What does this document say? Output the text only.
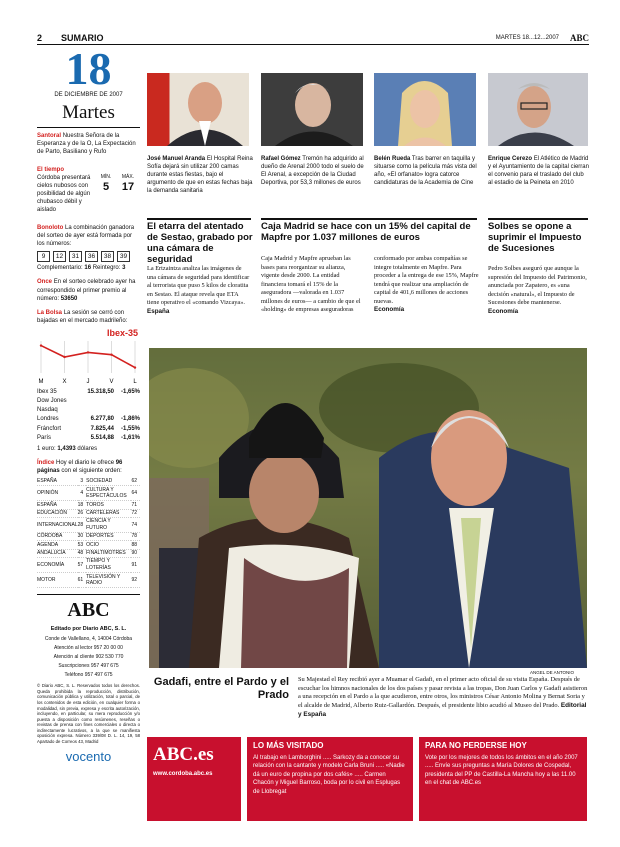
2 SUMARIO	MARTES 18...12...2007 ABC
18
DE DICIEMBRE DE 2007
Martes
Santoral Nuestra Señora de la Esperanza y de la O, La Expectación de Parto, Basiliano y Rufo
El tiempo
Córdoba presentará cielos nubosos con posibilidad de algún chubasco débil y aislado
MÍN.
5
MÁX.
17
Bonoloto La combinación ganadora del sorteo de ayer está formada por los números:
9	12	31	36	38	39
Complementario: 16 Reintegro: 3
Once En el sorteo celebrado ayer ha correspondido el primer premio al número: 53650
La Bolsa La sesión se cerró con bajadas en el mercado madrileño:
Ibex-35
M	X	J	V	L
Ibex 35	15.318,50	-1,65%
Dow Jones		
Nasdaq		
Londres	6.277,80	-1,86%
Fráncfort	7.825,44	-1,55%
París	5.514,88	-1,61%
1 euro: 1,4393 dólares
Índice Hoy el diario le ofrece 96 páginas con el siguiente orden:
ESPAÑA	3	SOCIEDAD	62
OPINIÓN	4	CULTURA Y ESPECTÁCULOS	64
ESPAÑA	18	TOROS	71
EDUCACIÓN	26	CARTELERAS	72
INTERNACIONAL	28	CIENCIA Y FUTURO	74
CÓRDOBA	30	DEPORTES	78
AGENDA	53	OCIO	88
ANDALUCÍA	48	FINALTIMOTRES	90
ECONOMÍA	57	TIEMPO Y LOTERÍAS	91
MOTOR	61	TELEVISIÓN Y RADIO	92
ABC
Editado por Diario ABC, S. L.
Conde de Vallellano, 4, 14004 Córdoba
Atención al lector 957 20 00 00
Atención al cliente 902 530 770
Suscripciones 957 497 675
Teléfono 957 497 675
© Diario ABC, S. L. Reservados todos los derechos. Queda prohibida la reproducción, distribución, comunicación pública y utilización, total o parcial, de los contenidos de esta edición, en cualquier forma o modalidad, sin previa, expresa y escrita autorización, incluyendo, en particular, su mera reproducción y/o puesta a disposición como resúmenes, reseñas o revistas de prensa con fines comerciales o directa o indirectamente lucrativos, a la que se manifiesta oposición expresa. Número 339/08 D. L. 14, 19, 58 Apartado de Correos 43, Madrid
vocento
José Manuel Aranda El Hospital Reina Sofía dejará sin utilizar 200 camas durante estas fiestas, bajo el argumento de que en estas fechas baja la demanda sanitaria
Rafael Gómez Tremón ha adquirido al dueño de Arenal 2000 todo el suelo de El Arenal, a excepción de la Ciudad Deportiva, por 53,3 millones de euros
Belén Rueda Tras barrer en taquilla y situarse como la película más vista del año, «El orfanato» logra catorce candidaturas de la Academia de Cine
Enrique Cerezo El Atlético de Madrid y el Ayuntamiento de la capital cierran el convenio para el traslado del club al estadio de la Peineta en 2010
El etarra del atentado de Sestao, grabado por una cámara de seguridad
La Ertzaintza analiza las imágenes de una cámara de seguridad para identificar al terrorista que puso 5 kilos de cloratita en Sestao. El ataque revela que ETA tiene operativo el «comando Vizcaya».
España
Caja Madrid se hace con un 15% del capital de Mapfre por 1.037 millones de euros
Caja Madrid y Mapfre aprueban las bases para reorganizar su alianza, vigente desde 2000. La entidad financiera tomará el 15% de la aseguradora —valorada en 1.037 millones de euros— a cambio de que el «holding» de empresas aseguradoras
conformado por ambas compañías se integre totalmente en Mapfre. Para proceder a la entrega de ese 15%, Mapfre tendrá que realizar una ampliación de capital de 401,6 millones de acciones nuevas.
Economía
Solbes se opone a suprimir el Impuesto de Sucesiones
Pedro Solbes aseguró que aunque la supresión del Impuesto del Patrimonio, anunciada por Zapatero, es «una decisión «natural», el Impuesto de Sucesiones debe mantenerse.
Economía
ANGEL DE ANTONIO
Gadafi, entre el Pardo y el Prado
Su Majestad el Rey recibió ayer a Muamar el Gadafi, en el primer acto oficial de su visita España. Después de escuchar los himnos nacionales de los dos países y pasar revista a las tropas, Don Juan Carlos y Gadafi asistieron a una recepción en el Pardo a la que acudieron, entre otros, los ministros César Antonio Molina y Bernat Soria y el alcalde de Madrid, Alberto Ruiz-Gallardón. Después, el presidente libio acudió al Museo del Prado. Editorial y España
ABC.es
www.cordoba.abc.es
LO MÁS VISITADO
Al trabajo en Lamborghini ..... Sarkozy da a conocer su relación con la cantante y modelo Carla Bruni ..... «Nadie dá un euro de propina por dos cafés» ..... Carmen Chacón y Miguel Barroso, boda por lo civil en Esplugas de Llobregat
PARA NO PERDERSE HOY
Vote por los mejores de todos los ámbitos en el año 2007 ..... Envíe sus preguntas a María Dolores de Cospedal, presidenta del PP de Castilla-La Mancha hoy a las 11.00 en el chat de ABC.es
